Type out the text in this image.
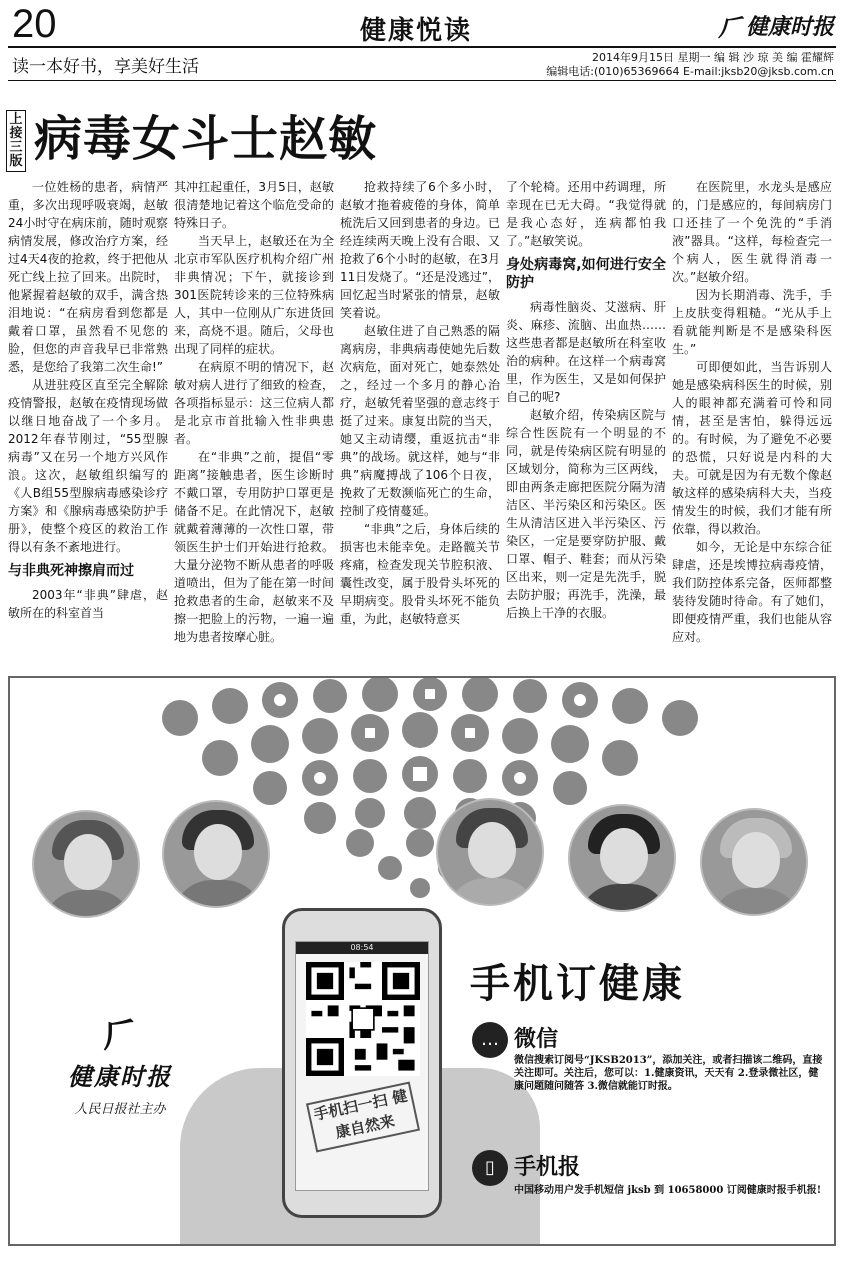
20	健康悦读	𠂆 健康时报
读一本好书，享美好生活	2014年9月15日 星期一 编 辑 沙 琼 美 编 霍耀辉
编辑电话:(010)65369664 E-mail:jksb20@jksb.com.cn
上接三版 病毒女斗士赵敏

一位姓杨的患者，病情严重，多次出现呼吸衰竭，赵敏24小时守在病床前，随时观察病情发展，修改治疗方案，经过4天4夜的抢救，终于把他从死亡线上拉了回来。出院时，他紧握着赵敏的双手，满含热泪地说：“在病房看到您都是戴着口罩，虽然看不见您的脸，但您的声音我早已非常熟悉，是您给了我第二次生命!”

从进驻疫区直至完全解除疫情警报，赵敏在疫情现场做以继日地奋战了一个多月。2012年春节刚过，“55型腺病毒”又在另一个地方兴风作浪。这次，赵敏组织编写的《人B组55型腺病毒感染诊疗方案》和《腺病毒感染防护手册》，使整个疫区的救治工作得以有条不紊地进行。

与非典死神擦肩而过

2003年“非典”肆虐，赵敏所在的科室首当

其冲扛起重任，3月5日，赵敏很清楚地记着这个临危受命的特殊日子。

当天早上，赵敏还在为全北京市军队医疗机构介绍广州非典情况；下午，就接诊到301医院转诊来的三位特殊病人，其中一位刚从广东进货回来，高烧不退。随后，父母也出现了同样的症状。

在病原不明的情况下，赵敏对病人进行了细致的检查，各项指标显示：这三位病人都是北京市首批输入性非典患者。

在“非典”之前，提倡“零距离”接触患者，医生诊断时不戴口罩，专用防护口罩更是储备不足。在此情况下，赵敏就戴着薄薄的一次性口罩，带领医生护士们开始进行抢救。大量分泌物不断从患者的呼吸道喷出，但为了能在第一时间抢救患者的生命，赵敏来不及擦一把脸上的污物，一遍一遍地为患者按摩心脏。

抢救持续了6个多小时，赵敏才拖着疲倦的身体，简单梳洗后又回到患者的身边。已经连续两天晚上没有合眼、又抢救了6个小时的赵敏，在3月11日发烧了。“还是没逃过”，回忆起当时紧张的情景，赵敏笑着说。

赵敏住进了自己熟悉的隔离病房，非典病毒使她先后数次病危，面对死亡，她泰然处之，经过一个多月的静心治疗，赵敏凭着坚强的意志终于挺了过来。康复出院的当天，她又主动请缨，重返抗击“非典”的战场。就这样，她与“非典”病魔搏战了106个日夜，挽救了无数濒临死亡的生命，控制了疫情蔓延。

“非典”之后，身体后续的损害也未能幸免。走路髋关节疼痛，检查发现关节腔积液、囊性改变，属于股骨头坏死的早期病变。股骨头坏死不能负重，为此，赵敏特意买

了个轮椅。还用中药调理，所幸现在已无大碍。“我觉得就是我心态好，连病都怕我了。”赵敏笑说。

身处病毒窝,如何进行安全防护

病毒性脑炎、艾滋病、肝炎、麻疹、流脑、出血热……这些患者都是赵敏所在科室收治的病种。在这样一个病毒窝里，作为医生，又是如何保护自己的呢?

赵敏介绍，传染病区院与综合性医院有一个明显的不同，就是传染病区院有明显的区域划分，简称为三区两线，即由两条走廊把医院分隔为清洁区、半污染区和污染区。医生从清洁区进入半污染区、污染区，一定是要穿防护服、戴口罩、帽子、鞋套；而从污染区出来，则一定是先洗手，脱去防护服；再洗手，洗澡，最后换上干净的衣服。

在医院里，水龙头是感应的，门是感应的，每间病房门口还挂了一个免洗的“手消液”器具。“这样，每检查完一个病人，医生就得消毒一次。”赵敏介绍。

因为长期消毒、洗手，手上皮肤变得粗糙。“光从手上看就能判断是不是感染科医生。”

可即便如此，当告诉别人她是感染病科医生的时候，别人的眼神都充满着可怜和同情，甚至是害怕，躲得远远的。有时候，为了避免不必要的恐慌，只好说是内科的大夫。可就是因为有无数个像赵敏这样的感染病科大夫，当疫情发生的时候，我们才能有所依靠，得以救治。

如今，无论是中东综合征肆虐，还是埃博拉病毒疫情，我们防控体系完备，医师都整装待发随时待命。有了她们，即便疫情严重，我们也能从容应对。

08:54
手机扫一扫 健康自然来
𠂆
健康时报
人民日报社主办
手机订健康
… 微信
微信搜索订阅号“JKSB2013”，添加关注，或者扫描该二维码，直接关注即可。关注后，您可以：1.健康资讯，天天有 2.登录微社区，健康问题随问随答 3.微信就能订时报。
▯ 手机报
中国移动用户发手机短信 jksb 到 10658000 订阅健康时报手机报!
